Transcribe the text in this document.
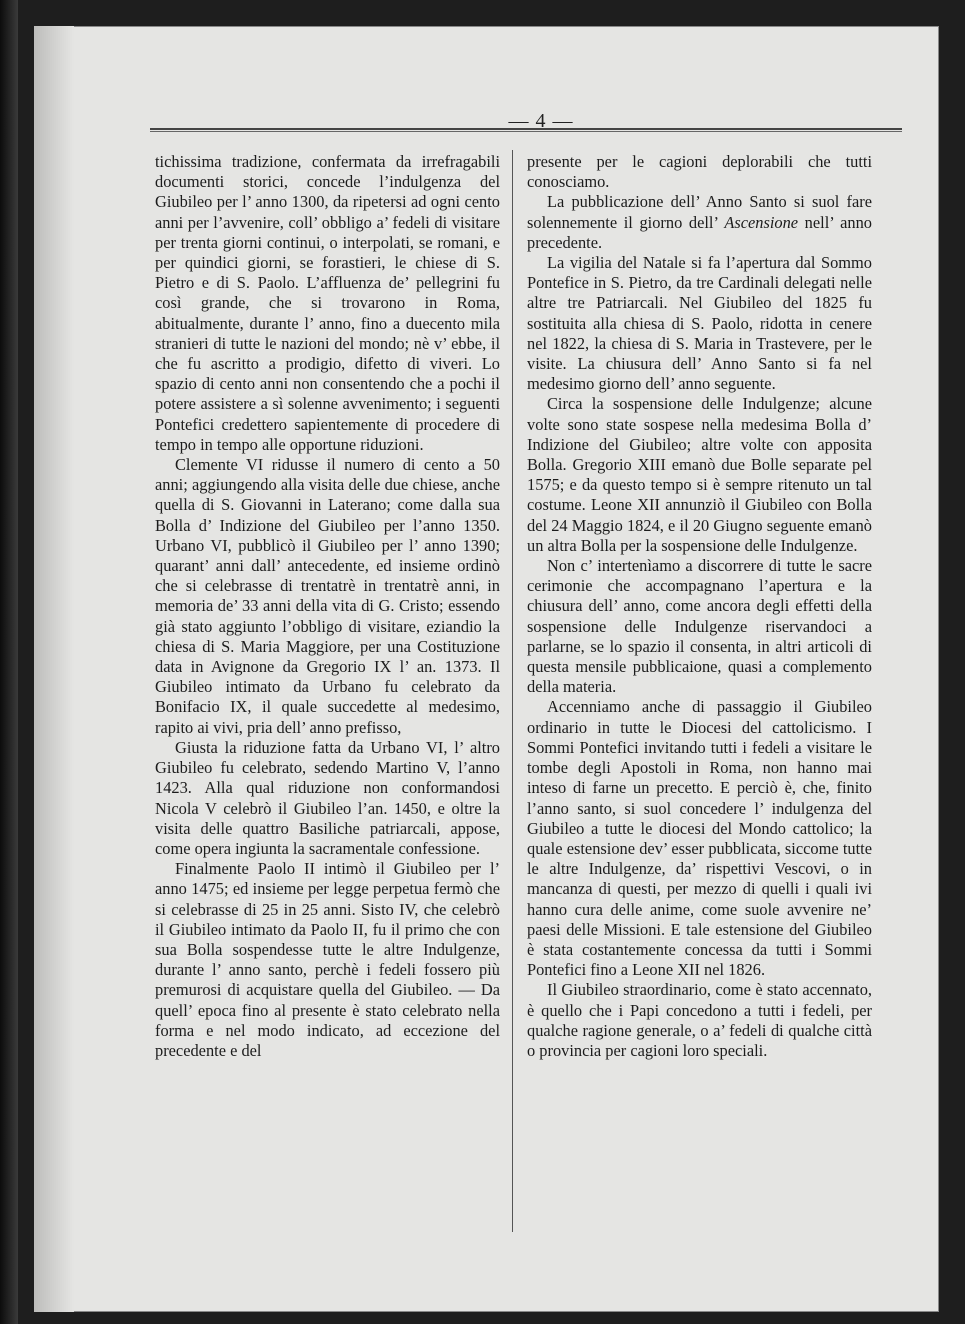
— 4 —

tichissima tradizione, confermata da irrefragabili documenti storici, concede l’indulgenza del Giubileo per l’ anno 1300, da ripetersi ad ogni cento anni per l’avvenire, coll’ obbligo a’ fedeli di visitare per trenta giorni continui, o interpolati, se romani, e per quindici giorni, se forastieri, le chiese di S. Pietro e di S. Paolo. L’affluenza de’ pellegrini fu così grande, che si trovarono in Roma, abitualmente, durante l’ anno, fino a duecento mila stranieri di tutte le nazioni del mondo; nè v’ ebbe, il che fu ascritto a prodigio, difetto di viveri. Lo spazio di cento anni non consentendo che a pochi il potere assistere a sì solenne avvenimento; i seguenti Pontefici credettero sapientemente di procedere di tempo in tempo alle opportune riduzioni.

Clemente VI ridusse il numero di cento a 50 anni; aggiungendo alla visita delle due chiese, anche quella di S. Giovanni in Laterano; come dalla sua Bolla d’ Indizione del Giubileo per l’anno 1350. Urbano VI, pubblicò il Giubileo per l’ anno 1390; quarant’ anni dall’ antecedente, ed insieme ordinò che si celebrasse di trentatrè in trentatrè anni, in memoria de’ 33 anni della vita di G. Cristo; essendo già stato aggiunto l’obbligo di visitare, eziandio la chiesa di S. Maria Maggiore, per una Costituzione data in Avignone da Gregorio IX l’ an. 1373. Il Giubileo intimato da Urbano fu celebrato da Bonifacio IX, il quale succedette al medesimo, rapito ai vivi, pria dell’ anno prefisso,

Giusta la riduzione fatta da Urbano VI, l’ altro Giubileo fu celebrato, sedendo Martino V, l’anno 1423. Alla qual riduzione non conformandosi Nicola V celebrò il Giubileo l’an. 1450, e oltre la visita delle quattro Basiliche patriarcali, appose, come opera ingiunta la sacramentale confessione.

Finalmente Paolo II intimò il Giubileo per l’ anno 1475; ed insieme per legge perpetua fermò che si celebrasse di 25 in 25 anni. Sisto IV, che celebrò il Giubileo intimato da Paolo II, fu il primo che con sua Bolla sospendesse tutte le altre Indulgenze, durante l’ anno santo, perchè i fedeli fossero più premurosi di acquistare quella del Giubileo. — Da quell’ epoca fino al presente è stato celebrato nella forma e nel modo indicato, ad eccezione del precedente e del

presente per le cagioni deplorabili che tutti conosciamo.

La pubblicazione dell’ Anno Santo si suol fare solennemente il giorno dell’ Ascensione nell’ anno precedente.

La vigilia del Natale si fa l’apertura dal Sommo Pontefice in S. Pietro, da tre Cardinali delegati nelle altre tre Patriarcali. Nel Giubileo del 1825 fu sostituita alla chiesa di S. Paolo, ridotta in cenere nel 1822, la chiesa di S. Maria in Trastevere, per le visite. La chiusura dell’ Anno Santo si fa nel medesimo giorno dell’ anno seguente.

Circa la sospensione delle Indulgenze; alcune volte sono state sospese nella medesima Bolla d’ Indizione del Giubileo; altre volte con apposita Bolla. Gregorio XIII emanò due Bolle separate pel 1575; e da questo tempo si è sempre ritenuto un tal costume. Leone XII annunziò il Giubileo con Bolla del 24 Maggio 1824, e il 20 Giugno seguente emanò un altra Bolla per la sospensione delle Indulgenze.

Non c’ intertenìamo a discorrere di tutte le sacre cerimonie che accompagnano l’apertura e la chiusura dell’ anno, come ancora degli effetti della sospensione delle Indulgenze riservandoci a parlarne, se lo spazio il consenta, in altri articoli di questa mensile pubblicaione, quasi a complemento della materia.

Accenniamo anche di passaggio il Giubileo ordinario in tutte le Diocesi del cattolicismo. I Sommi Pontefici invitando tutti i fedeli a visitare le tombe degli Apostoli in Roma, non hanno mai inteso di farne un precetto. E perciò è, che, finito l’anno santo, si suol concedere l’ indulgenza del Giubileo a tutte le diocesi del Mondo cattolico; la quale estensione dev’ esser pubblicata, siccome tutte le altre Indulgenze, da’ rispettivi Vescovi, o in mancanza di questi, per mezzo di quelli i quali ivi hanno cura delle anime, come suole avvenire ne’ paesi delle Missioni. E tale estensione del Giubileo è stata costantemente concessa da tutti i Sommi Pontefici fino a Leone XII nel 1826.

Il Giubileo straordinario, come è stato accennato, è quello che i Papi concedono a tutti i fedeli, per qualche ragione generale, o a’ fedeli di qualche città o provincia per cagioni loro speciali.
